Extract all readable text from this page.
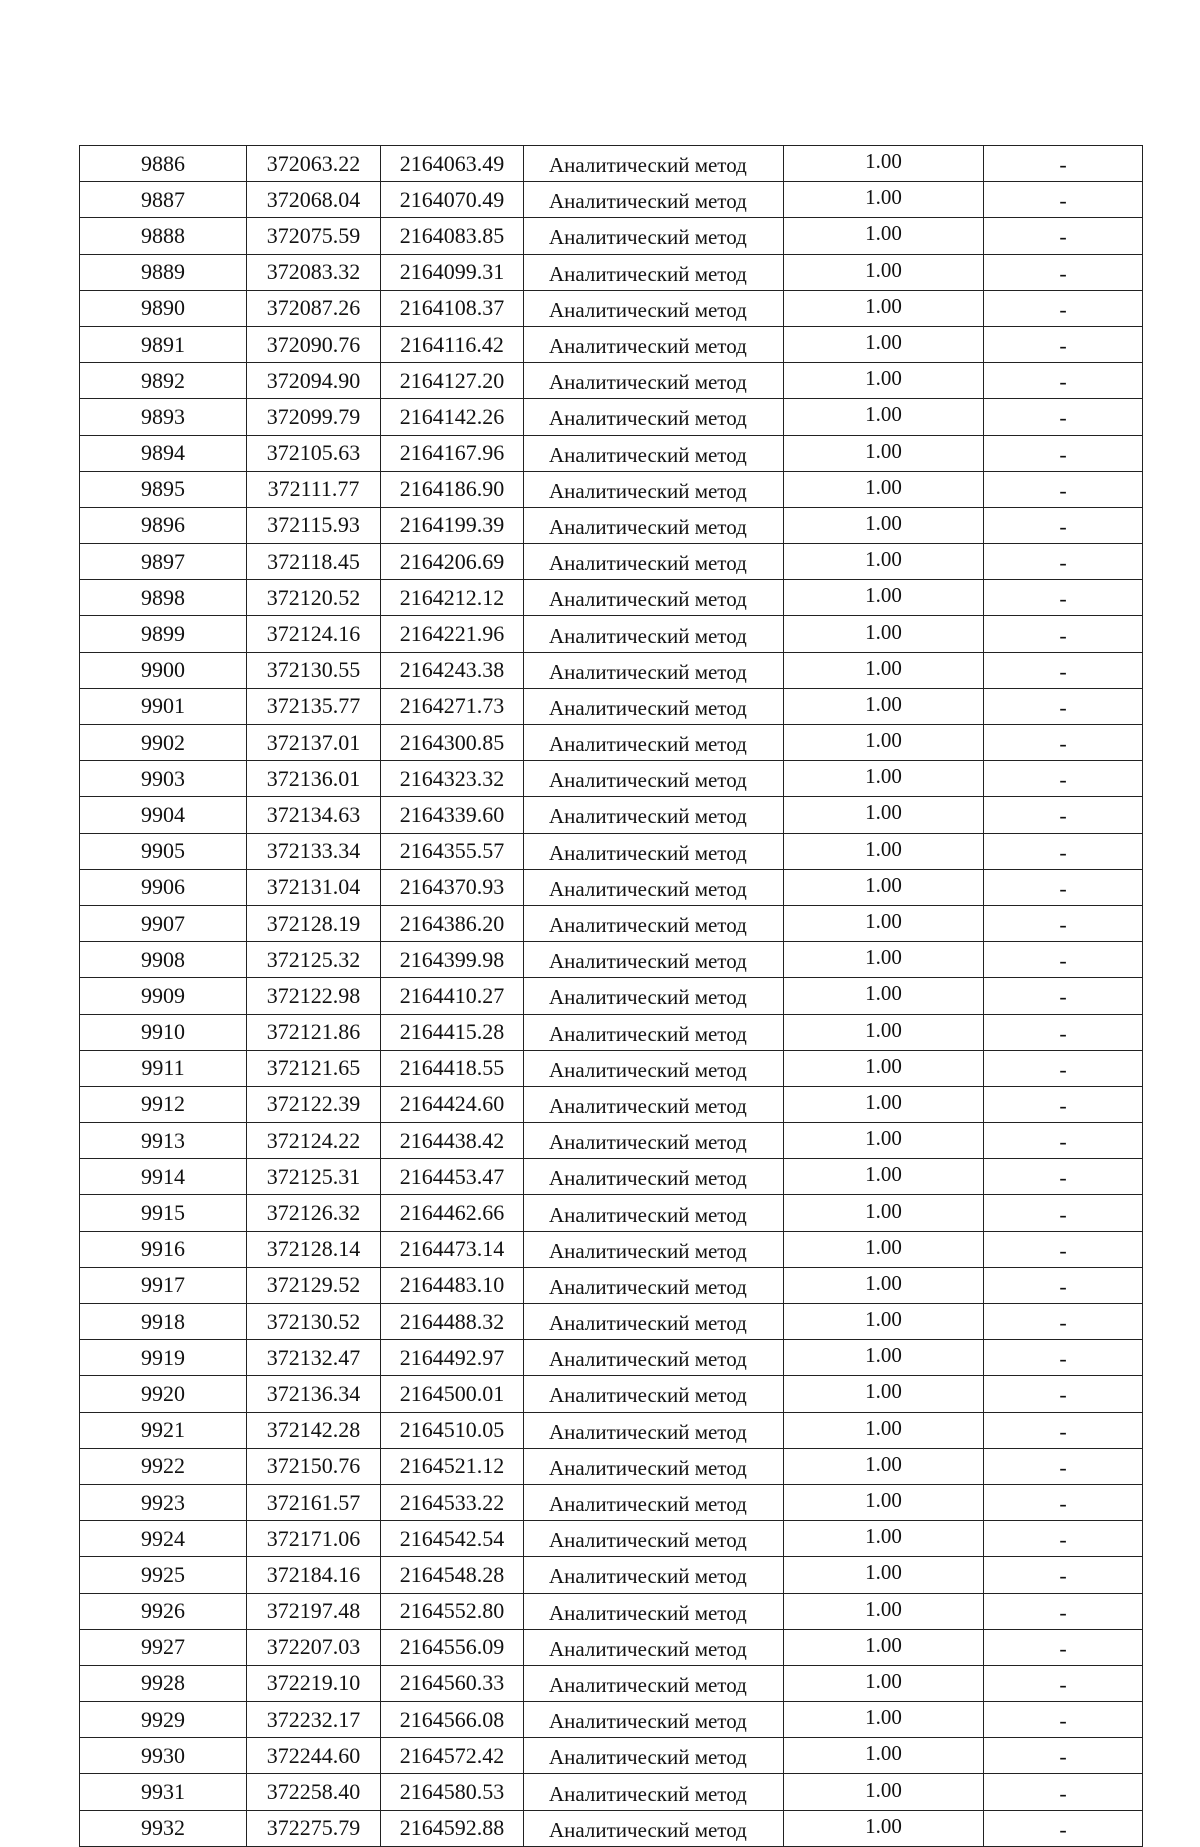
9886	372063.22	2164063.49	Аналитический метод	1.00	-
9887	372068.04	2164070.49	Аналитический метод	1.00	-
9888	372075.59	2164083.85	Аналитический метод	1.00	-
9889	372083.32	2164099.31	Аналитический метод	1.00	-
9890	372087.26	2164108.37	Аналитический метод	1.00	-
9891	372090.76	2164116.42	Аналитический метод	1.00	-
9892	372094.90	2164127.20	Аналитический метод	1.00	-
9893	372099.79	2164142.26	Аналитический метод	1.00	-
9894	372105.63	2164167.96	Аналитический метод	1.00	-
9895	372111.77	2164186.90	Аналитический метод	1.00	-
9896	372115.93	2164199.39	Аналитический метод	1.00	-
9897	372118.45	2164206.69	Аналитический метод	1.00	-
9898	372120.52	2164212.12	Аналитический метод	1.00	-
9899	372124.16	2164221.96	Аналитический метод	1.00	-
9900	372130.55	2164243.38	Аналитический метод	1.00	-
9901	372135.77	2164271.73	Аналитический метод	1.00	-
9902	372137.01	2164300.85	Аналитический метод	1.00	-
9903	372136.01	2164323.32	Аналитический метод	1.00	-
9904	372134.63	2164339.60	Аналитический метод	1.00	-
9905	372133.34	2164355.57	Аналитический метод	1.00	-
9906	372131.04	2164370.93	Аналитический метод	1.00	-
9907	372128.19	2164386.20	Аналитический метод	1.00	-
9908	372125.32	2164399.98	Аналитический метод	1.00	-
9909	372122.98	2164410.27	Аналитический метод	1.00	-
9910	372121.86	2164415.28	Аналитический метод	1.00	-
9911	372121.65	2164418.55	Аналитический метод	1.00	-
9912	372122.39	2164424.60	Аналитический метод	1.00	-
9913	372124.22	2164438.42	Аналитический метод	1.00	-
9914	372125.31	2164453.47	Аналитический метод	1.00	-
9915	372126.32	2164462.66	Аналитический метод	1.00	-
9916	372128.14	2164473.14	Аналитический метод	1.00	-
9917	372129.52	2164483.10	Аналитический метод	1.00	-
9918	372130.52	2164488.32	Аналитический метод	1.00	-
9919	372132.47	2164492.97	Аналитический метод	1.00	-
9920	372136.34	2164500.01	Аналитический метод	1.00	-
9921	372142.28	2164510.05	Аналитический метод	1.00	-
9922	372150.76	2164521.12	Аналитический метод	1.00	-
9923	372161.57	2164533.22	Аналитический метод	1.00	-
9924	372171.06	2164542.54	Аналитический метод	1.00	-
9925	372184.16	2164548.28	Аналитический метод	1.00	-
9926	372197.48	2164552.80	Аналитический метод	1.00	-
9927	372207.03	2164556.09	Аналитический метод	1.00	-
9928	372219.10	2164560.33	Аналитический метод	1.00	-
9929	372232.17	2164566.08	Аналитический метод	1.00	-
9930	372244.60	2164572.42	Аналитический метод	1.00	-
9931	372258.40	2164580.53	Аналитический метод	1.00	-
9932	372275.79	2164592.88	Аналитический метод	1.00	-
